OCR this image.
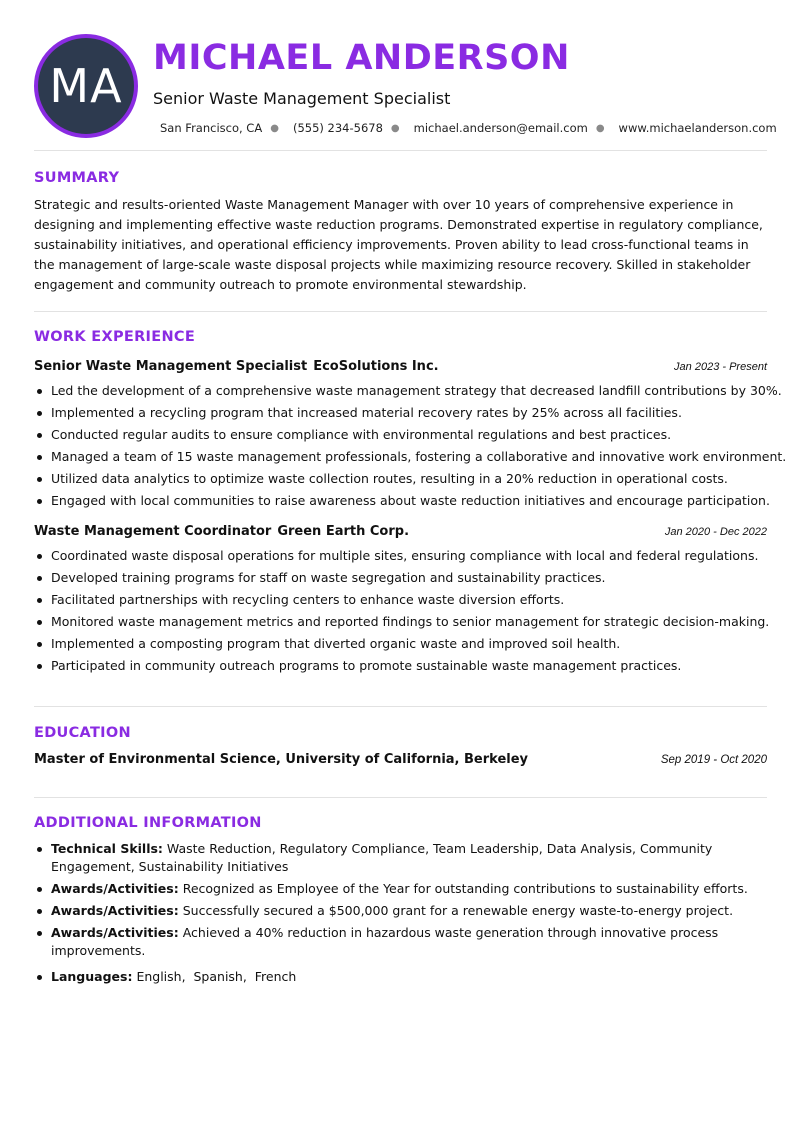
MA
MICHAEL ANDERSON
Senior Waste Management Specialist
San Francisco, CA ● (555) 234-5678 ● michael.anderson@email.com ● www.michaelanderson.com
SUMMARY
Strategic and results-oriented Waste Management Manager with over 10 years of comprehensive experience in designing and implementing effective waste reduction programs. Demonstrated expertise in regulatory compliance, sustainability initiatives, and operational efficiency improvements. Proven ability to lead cross-functional teams in the management of large-scale waste disposal projects while maximizing resource recovery. Skilled in stakeholder engagement and community outreach to promote environmental stewardship.
WORK EXPERIENCE
Senior Waste Management Specialist EcoSolutions Inc.	Jan 2023 - Present
Led the development of a comprehensive waste management strategy that decreased landfill contributions by 30%.
Implemented a recycling program that increased material recovery rates by 25% across all facilities.
Conducted regular audits to ensure compliance with environmental regulations and best practices.
Managed a team of 15 waste management professionals, fostering a collaborative and innovative work environment.
Utilized data analytics to optimize waste collection routes, resulting in a 20% reduction in operational costs.
Engaged with local communities to raise awareness about waste reduction initiatives and encourage participation.
Waste Management Coordinator Green Earth Corp.	Jan 2020 - Dec 2022
Coordinated waste disposal operations for multiple sites, ensuring compliance with local and federal regulations.
Developed training programs for staff on waste segregation and sustainability practices.
Facilitated partnerships with recycling centers to enhance waste diversion efforts.
Monitored waste management metrics and reported findings to senior management for strategic decision-making.
Implemented a composting program that diverted organic waste and improved soil health.
Participated in community outreach programs to promote sustainable waste management practices.
EDUCATION
Master of Environmental Science, University of California, Berkeley	Sep 2019 - Oct 2020
ADDITIONAL INFORMATION
Technical Skills: Waste Reduction, Regulatory Compliance, Team Leadership, Data Analysis, Community Engagement, Sustainability Initiatives
Awards/Activities: Recognized as Employee of the Year for outstanding contributions to sustainability efforts.
Awards/Activities: Successfully secured a $500,000 grant for a renewable energy waste-to-energy project.
Awards/Activities: Achieved a 40% reduction in hazardous waste generation through innovative process improvements.
Languages: English,  Spanish,  French
